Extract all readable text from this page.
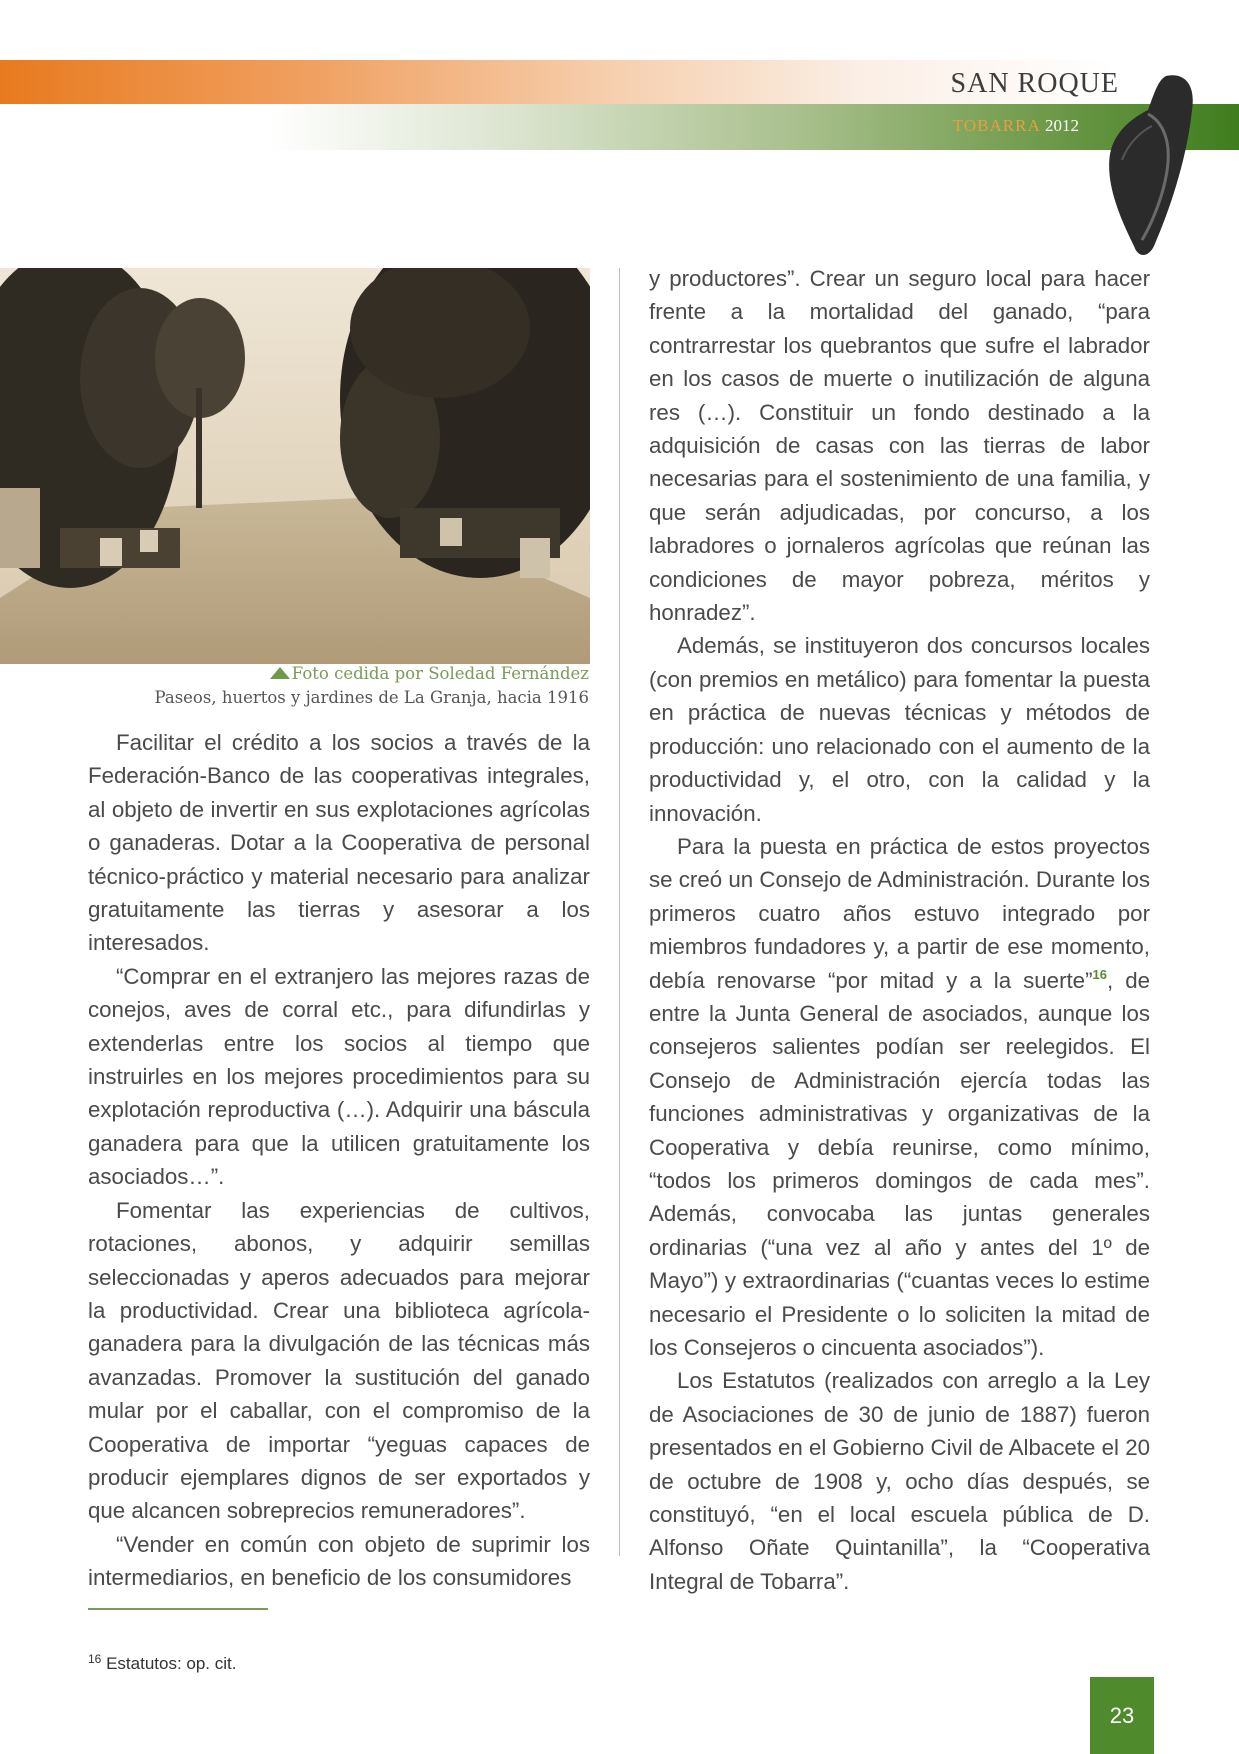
SAN ROQUE
TOBARRA 2012
Foto cedida por Soledad Fernández
Paseos, huertos y jardines de La Granja, hacia 1916

Facilitar el crédito a los socios a través de la Federación-Banco de las cooperativas integrales, al objeto de invertir en sus explotaciones agrícolas o ganaderas. Dotar a la Cooperativa de personal técnico-práctico y material necesario para analizar gratuitamente las tierras y asesorar a los interesados.

“Comprar en el extranjero las mejores razas de conejos, aves de corral etc., para difundirlas y extenderlas entre los socios al tiempo que instruirles en los mejores procedimientos para su explotación reproductiva (…). Adquirir una báscula ganadera para que la utilicen gratuitamente los asociados…”.

Fomentar las experiencias de cultivos, rotaciones, abonos, y adquirir semillas seleccionadas y aperos adecuados para mejorar la productividad. Crear una biblioteca agrícola-ganadera para la divulgación de las técnicas más avanzadas. Promover la sustitución del ganado mular por el caballar, con el compromiso de la Cooperativa de importar “yeguas capaces de producir ejemplares dignos de ser exportados y que alcancen sobreprecios remuneradores”.

“Vender en común con objeto de suprimir los intermediarios, en beneficio de los consumidores

y productores”. Crear un seguro local para hacer frente a la mortalidad del ganado, “para contrarrestar los quebrantos que sufre el labrador en los casos de muerte o inutilización de alguna res (…). Constituir un fondo destinado a la adquisición de casas con las tierras de labor necesarias para el sostenimiento de una familia, y que serán adjudicadas, por concurso, a los labradores o jornaleros agrícolas que reúnan las condiciones de mayor pobreza, méritos y honradez”.

Además, se instituyeron dos concursos locales (con premios en metálico) para fomentar la puesta en práctica de nuevas técnicas y métodos de producción: uno relacionado con el aumento de la productividad y, el otro, con la calidad y la innovación.

Para la puesta en práctica de estos proyectos se creó un Consejo de Administración. Durante los primeros cuatro años estuvo integrado por miembros fundadores y, a partir de ese momento, debía renovarse “por mitad y a la suerte”$^{16}$, de entre la Junta General de asociados, aunque los consejeros salientes podían ser reelegidos. El Consejo de Administración ejercía todas las funciones administrativas y organizativas de la Cooperativa y debía reunirse, como mínimo, “todos los primeros domingos de cada mes”. Además, convocaba las juntas generales ordinarias (“una vez al año y antes del 1º de Mayo”) y extraordinarias (“cuantas veces lo estime necesario el Presidente o lo soliciten la mitad de los Consejeros o cincuenta asociados”).

Los Estatutos (realizados con arreglo a la Ley de Asociaciones de 30 de junio de 1887) fueron presentados en el Gobierno Civil de Albacete el 20 de octubre de 1908 y, ocho días después, se constituyó, “en el local escuela pública de D. Alfonso Oñate Quintanilla”, la “Cooperativa Integral de Tobarra”.

$^{16}$ Estatutos: op. cit.
23
